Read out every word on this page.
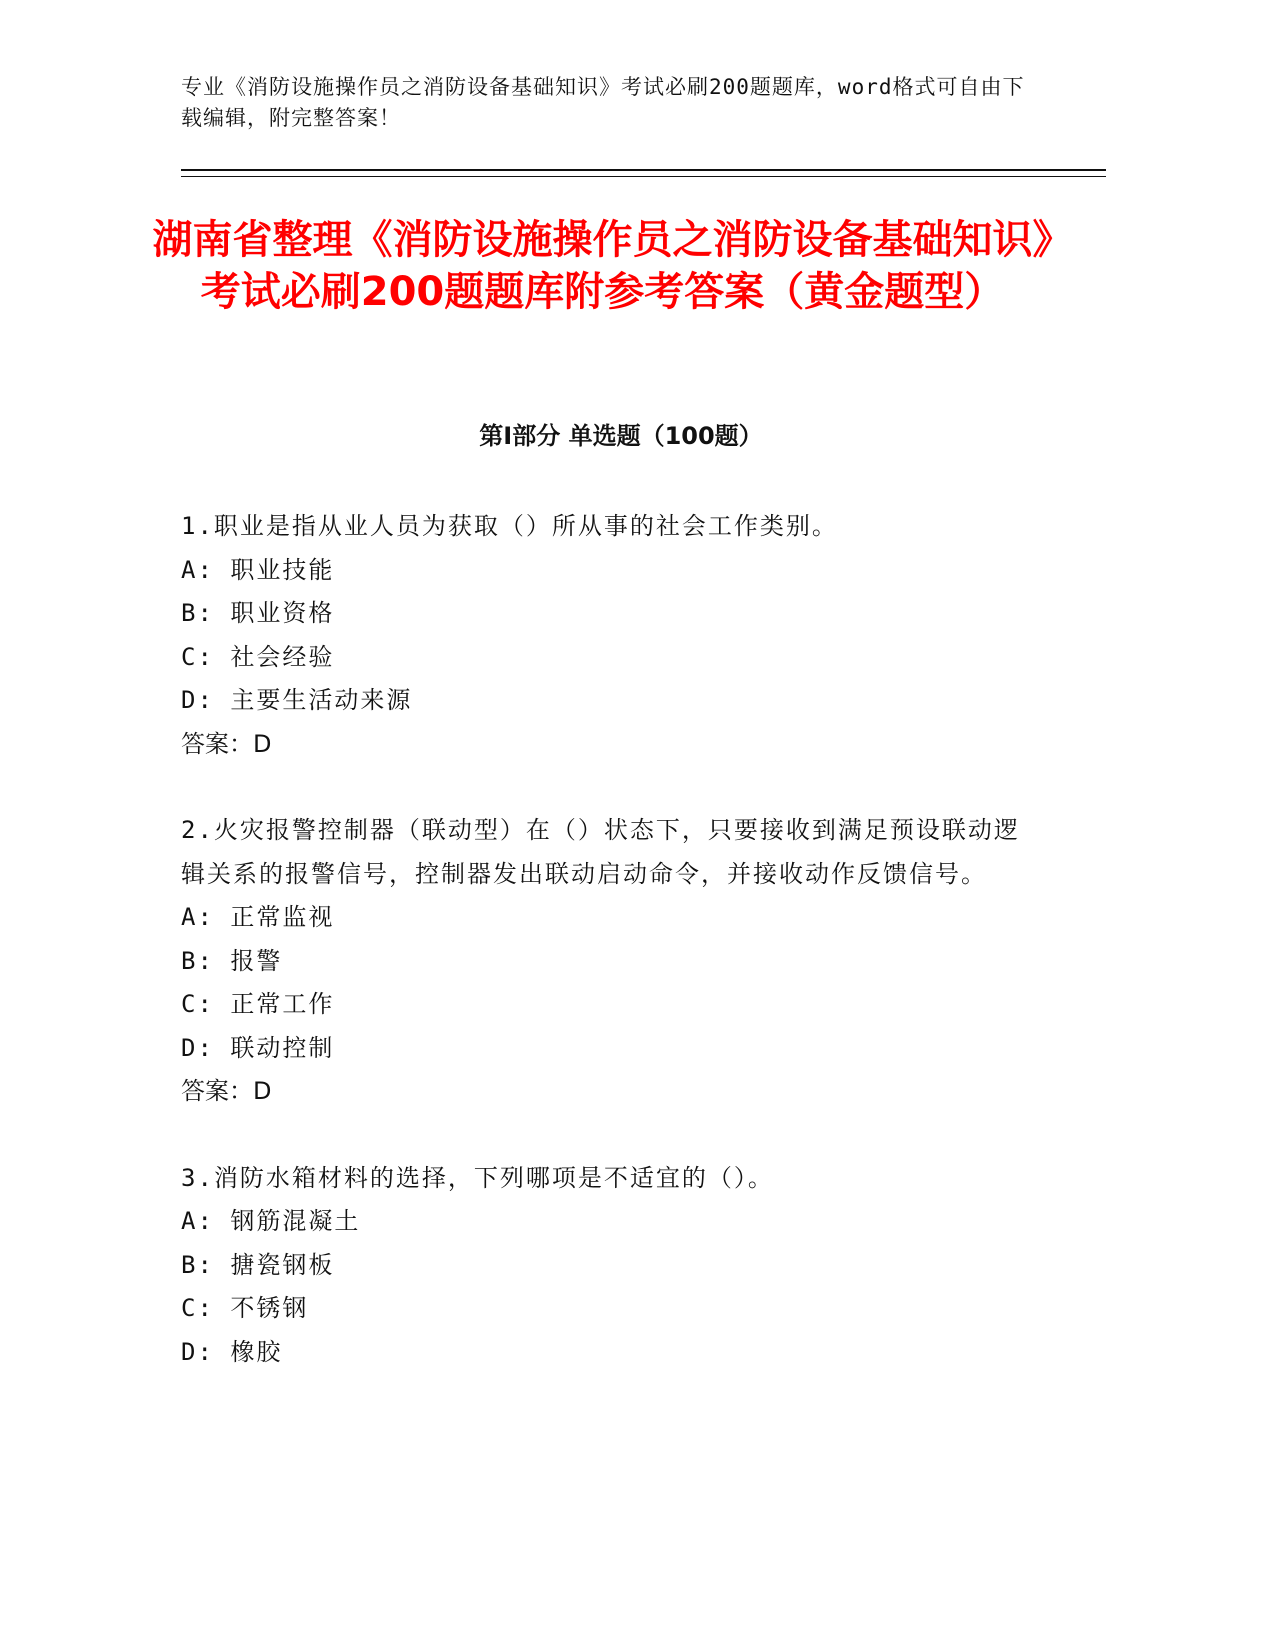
专业《消防设施操作员之消防设备基础知识》考试必刷200题题库，word格式可自由下载编辑，附完整答案！
湖南省整理《消防设施操作员之消防设备基础知识》考试必刷200题题库附参考答案（黄金题型）
第Ⅰ部分 单选题（100题）
1.职业是指从业人员为获取（）所从事的社会工作类别。
A: 职业技能
B: 职业资格
C: 社会经验
D: 主要生活动来源
答案：D
2.火灾报警控制器（联动型）在（）状态下，只要接收到满足预设联动逻辑关系的报警信号，控制器发出联动启动命令，并接收动作反馈信号。
A: 正常监视
B: 报警
C: 正常工作
D: 联动控制
答案：D
3.消防水箱材料的选择，下列哪项是不适宜的（）。
A: 钢筋混凝土
B: 搪瓷钢板
C: 不锈钢
D: 橡胶
